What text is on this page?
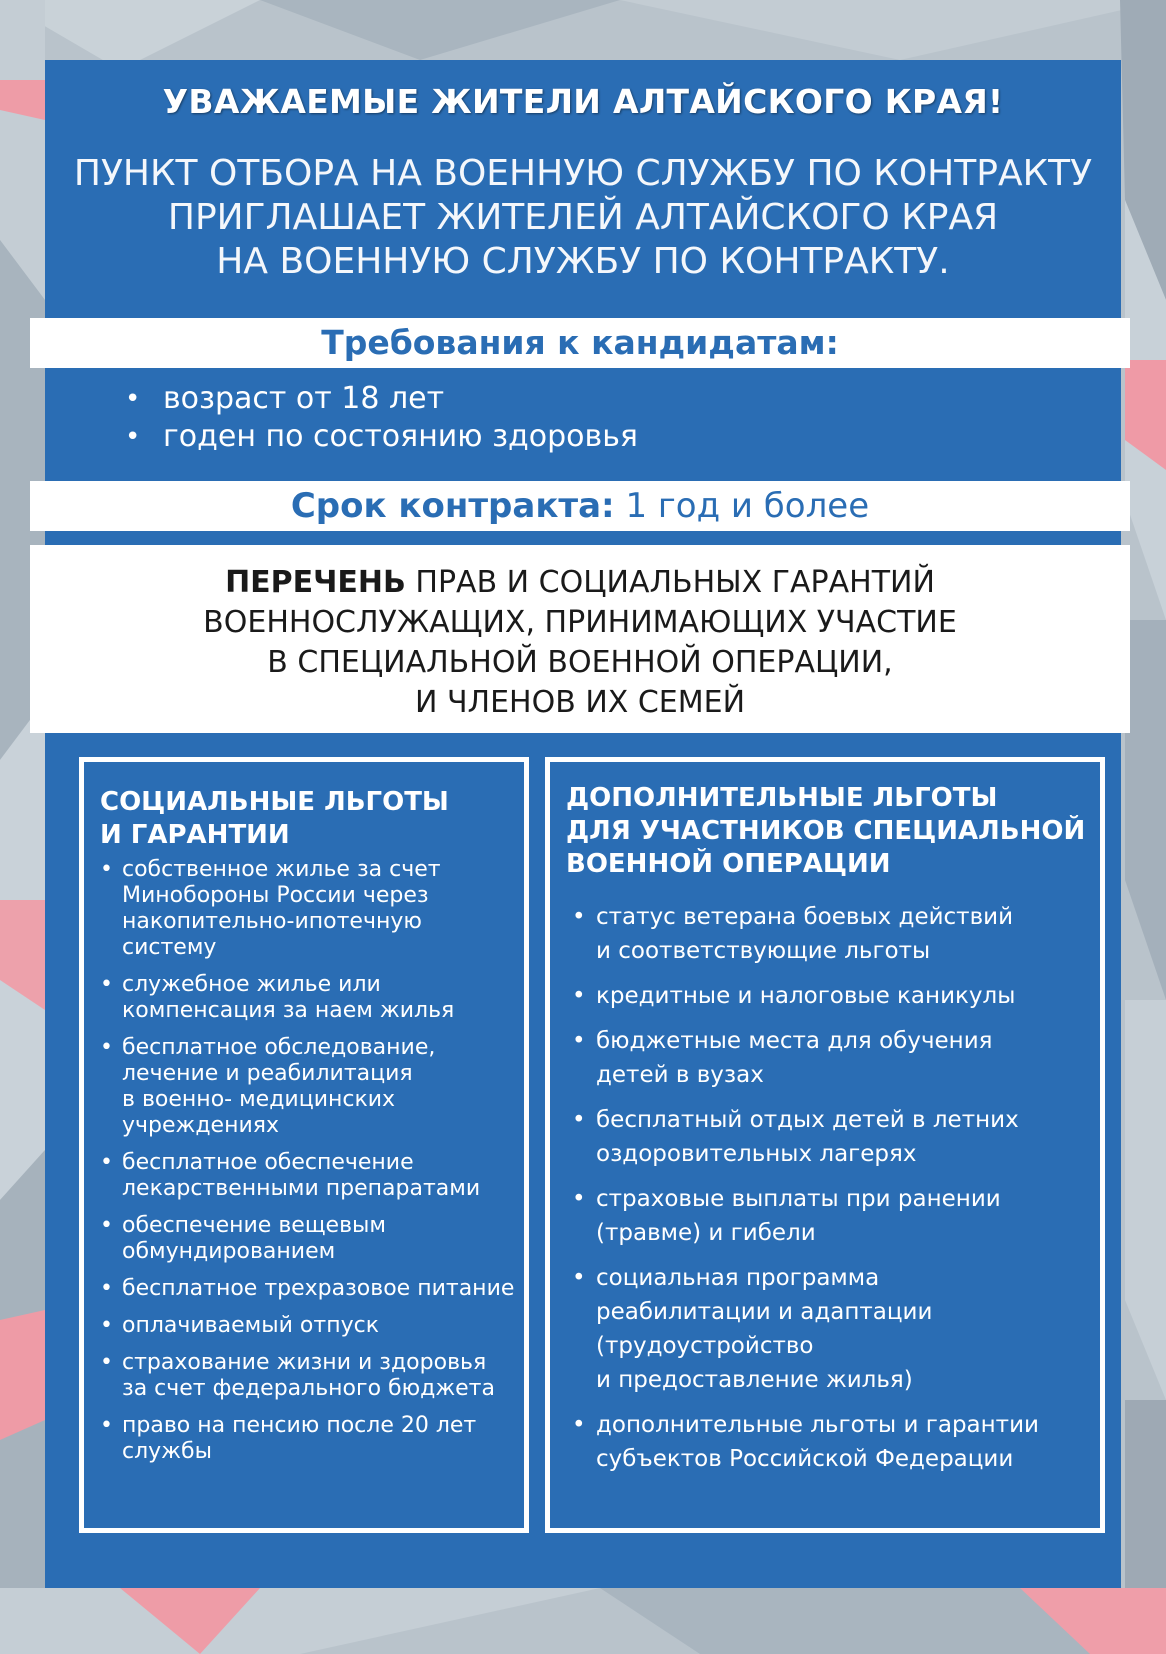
УВАЖАЕМЫЕ ЖИТЕЛИ АЛТАЙСКОГО КРАЯ!
ПУНКТ ОТБОРА НА ВОЕННУЮ СЛУЖБУ ПО КОНТРАКТУ
ПРИГЛАШАЕТ ЖИТЕЛЕЙ АЛТАЙСКОГО КРАЯ
НА ВОЕННУЮ СЛУЖБУ ПО КОНТРАКТУ.
Требования к кандидатам:
• возраст от 18 лет
• годен по состоянию здоровья
Срок контракта: 1 год и более
ПЕРЕЧЕНЬ ПРАВ И СОЦИАЛЬНЫХ ГАРАНТИЙ
ВОЕННОСЛУЖАЩИХ, ПРИНИМАЮЩИХ УЧАСТИЕ
В СПЕЦИАЛЬНОЙ ВОЕННОЙ ОПЕРАЦИИ,
И ЧЛЕНОВ ИХ СЕМЕЙ
СОЦИАЛЬНЫЕ ЛЬГОТЫ
И ГАРАНТИИ
• собственное жилье за счет
Минобороны России через
накопительно-ипотечную
систему
• служебное жилье или
компенсация за наем жилья
• бесплатное обследование,
лечение и реабилитация
в военно- медицинских
учреждениях
• бесплатное обеспечение
лекарственными препаратами
• обеспечение вещевым
обмундированием
• бесплатное трехразовое питание
• оплачиваемый отпуск
• страхование жизни и здоровья
за счет федерального бюджета
• право на пенсию после 20 лет
службы
ДОПОЛНИТЕЛЬНЫЕ ЛЬГОТЫ
ДЛЯ УЧАСТНИКОВ СПЕЦИАЛЬНОЙ
ВОЕННОЙ ОПЕРАЦИИ
• статус ветерана боевых действий
и соответствующие льготы
• кредитные и налоговые каникулы
• бюджетные места для обучения
детей в вузах
• бесплатный отдых детей в летних
оздоровительных лагерях
• страховые выплаты при ранении
(травме) и гибели
• социальная программа
реабилитации и адаптации
(трудоустройство
и предоставление жилья)
• дополнительные льготы и гарантии
субъектов Российской Федерации
